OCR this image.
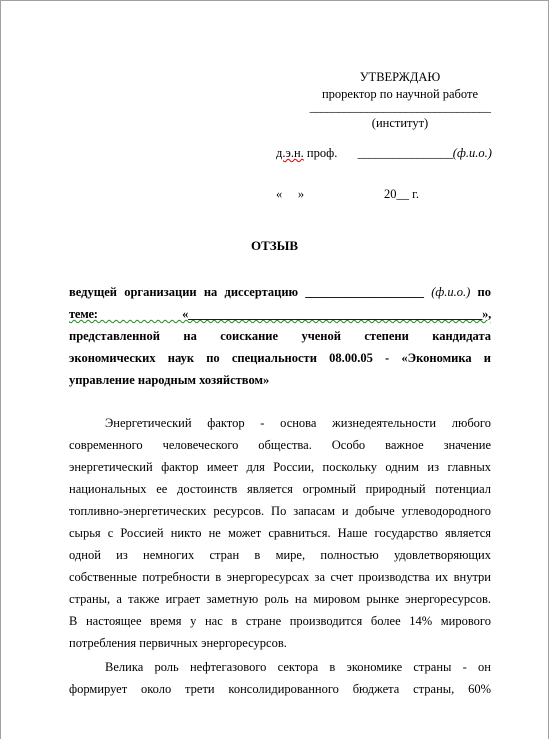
УТВЕРЖДАЮ
проректор по научной работе
________________________________
(институт)
д.э.н. проф. ________________(ф.и.о.)
«     »	20__ г.
ОТЗЫВ
ведущей организации на диссертацию ___________________ (ф.и.о.) по
теме: «_________________________________________________»,
представленной на соискание ученой степени кандидата
экономических наук по специальности 08.00.05 - «Экономика и
управление народным хозяйством»
Энергетический фактор - основа жизнедеятельности любого
современного человеческого общества. Особо важное значение
энергетический фактор имеет для России, поскольку одним из главных
национальных ее достоинств является огромный природный потенциал
топливно-энергетических ресурсов. По запасам и добыче углеводородного
сырья с Россией никто не может сравниться. Наше государство является
одной из немногих стран в мире, полностью удовлетворяющих
собственные потребности в энергоресурсах за счет производства их внутри
страны, а также играет заметную роль на мировом рынке энергоресурсов.
В настоящее время у нас в стране производится более 14% мирового
потребления первичных энергоресурсов.
Велика роль нефтегазового сектора в экономике страны - он
формирует около трети консолидированного бюджета страны, 60%
